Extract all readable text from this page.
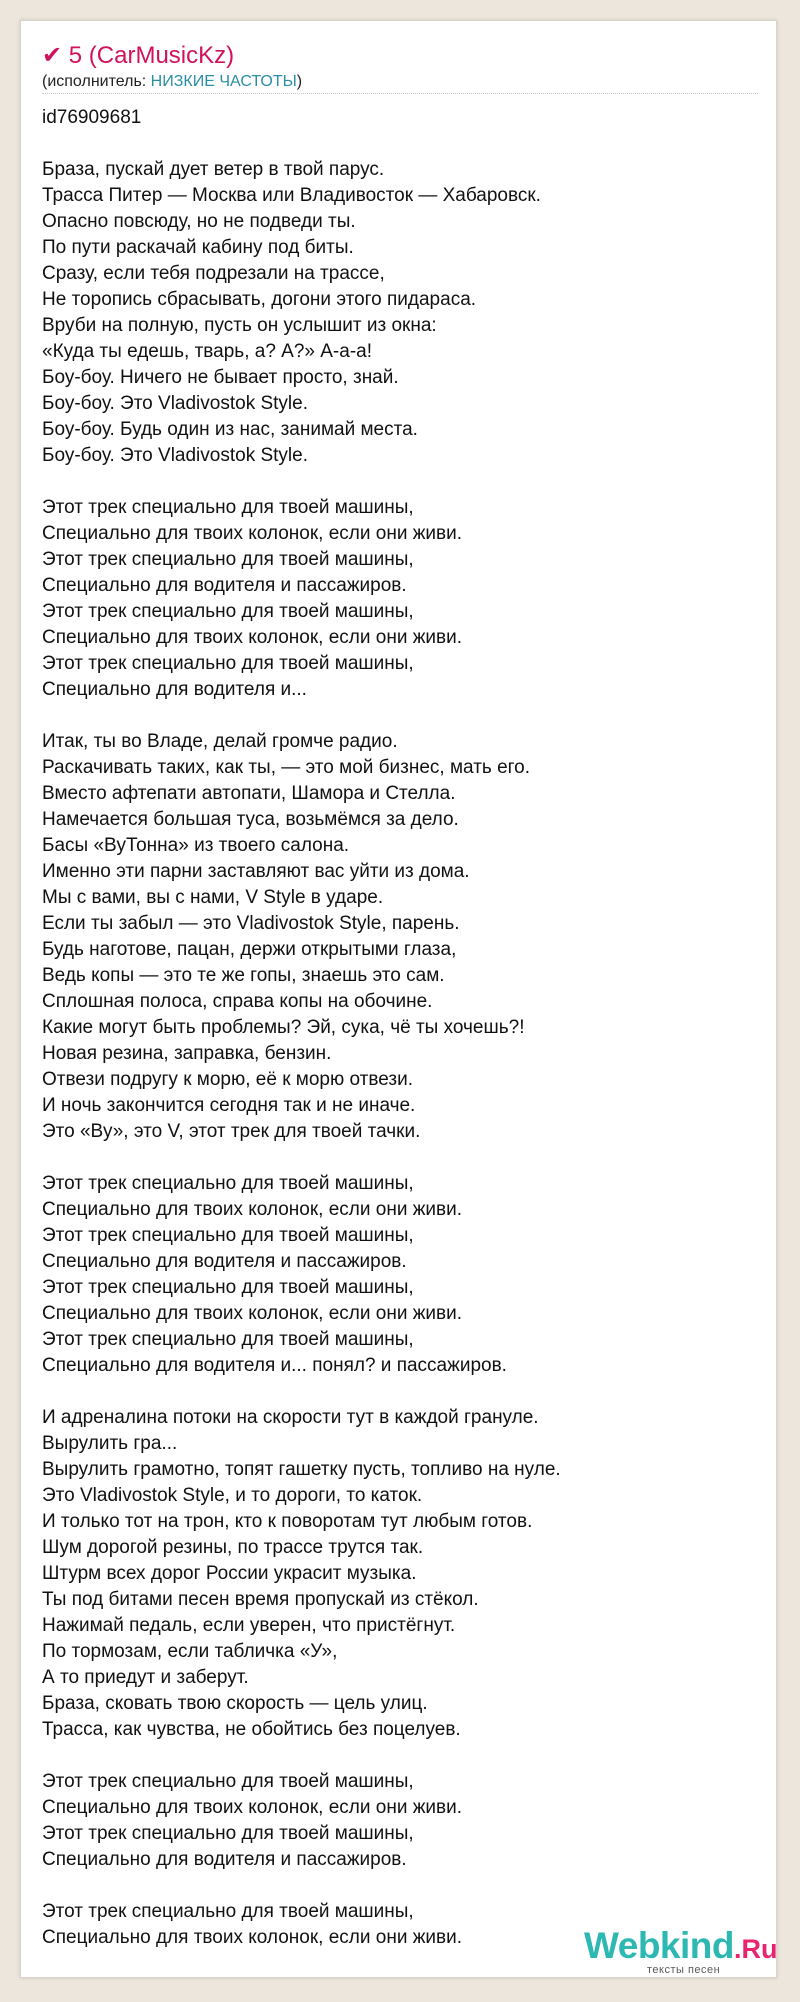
✔ 5 (CarMusicKz)
(исполнитель: НИЗКИЕ ЧАСТОТЫ)
id76909681
Браза, пускай дует ветер в твой парус.
Трасса Питер — Москва или Владивосток — Хабаровск.
Опасно повсюду, но не подведи ты.
По пути раскачай кабину под биты.
Сразу, если тебя подрезали на трассе,
Не торопись сбрасывать, догони этого пидараса.
Вруби на полную, пусть он услышит из окна:
«Куда ты едешь, тварь, а? А?» А-а-а!
Боу-боу. Ничего не бывает просто, знай.
Боу-боу. Это Vladivostok Style.
Боу-боу. Будь один из нас, занимай места.
Боу-боу. Это Vladivostok Style.
Этот трек специально для твоей машины,
Специально для твоих колонок, если они живи.
Этот трек специально для твоей машины,
Специально для водителя и пассажиров.
Этот трек специально для твоей машины,
Специально для твоих колонок, если они живи.
Этот трек специально для твоей машины,
Специально для водителя и...
Итак, ты во Владе, делай громче радио.
Раскачивать таких, как ты, — это мой бизнес, мать его.
Вместо афтепати автопати, Шамора и Стелла.
Намечается большая туса, возьмёмся за дело.
Басы «ВуТонна» из твоего салона.
Именно эти парни заставляют вас уйти из дома.
Мы с вами, вы с нами, V Style в ударе.
Если ты забыл — это Vladivostok Style, парень.
Будь наготове, пацан, держи открытыми глаза,
Ведь копы — это те же гопы, знаешь это сам.
Сплошная полоса, справа копы на обочине.
Какие могут быть проблемы? Эй, сука, чё ты хочешь?!
Новая резина, заправка, бензин.
Отвези подругу к морю, её к морю отвези.
И ночь закончится сегодня так и не иначе.
Это «Ву», это V, этот трек для твоей тачки.
Этот трек специально для твоей машины,
Специально для твоих колонок, если они живи.
Этот трек специально для твоей машины,
Специально для водителя и пассажиров.
Этот трек специально для твоей машины,
Специально для твоих колонок, если они живи.
Этот трек специально для твоей машины,
Специально для водителя и... понял? и пассажиров.
И адреналина потоки на скорости тут в каждой грануле.
Вырулить гра...
Вырулить грамотно, топят гашетку пусть, топливо на нуле.
Это Vladivostok Style, и то дороги, то каток.
И только тот на трон, кто к поворотам тут любым готов.
Шум дорогой резины, по трассе трутся так.
Штурм всех дорог России украсит музыка.
Ты под битами песен время пропускай из стёкол.
Нажимай педаль, если уверен, что пристёгнут.
По тормозам, если табличка «У»,
А то приедут и заберут.
Браза, сковать твою скорость — цель улиц.
Трасса, как чувства, не обойтись без поцелуев.
Этот трек специально для твоей машины,
Специально для твоих колонок, если они живи.
Этот трек специально для твоей машины,
Специально для водителя и пассажиров.
Этот трек специально для твоей машины,
Специально для твоих колонок, если они живи.	Webkind.Ru
тексты песен
